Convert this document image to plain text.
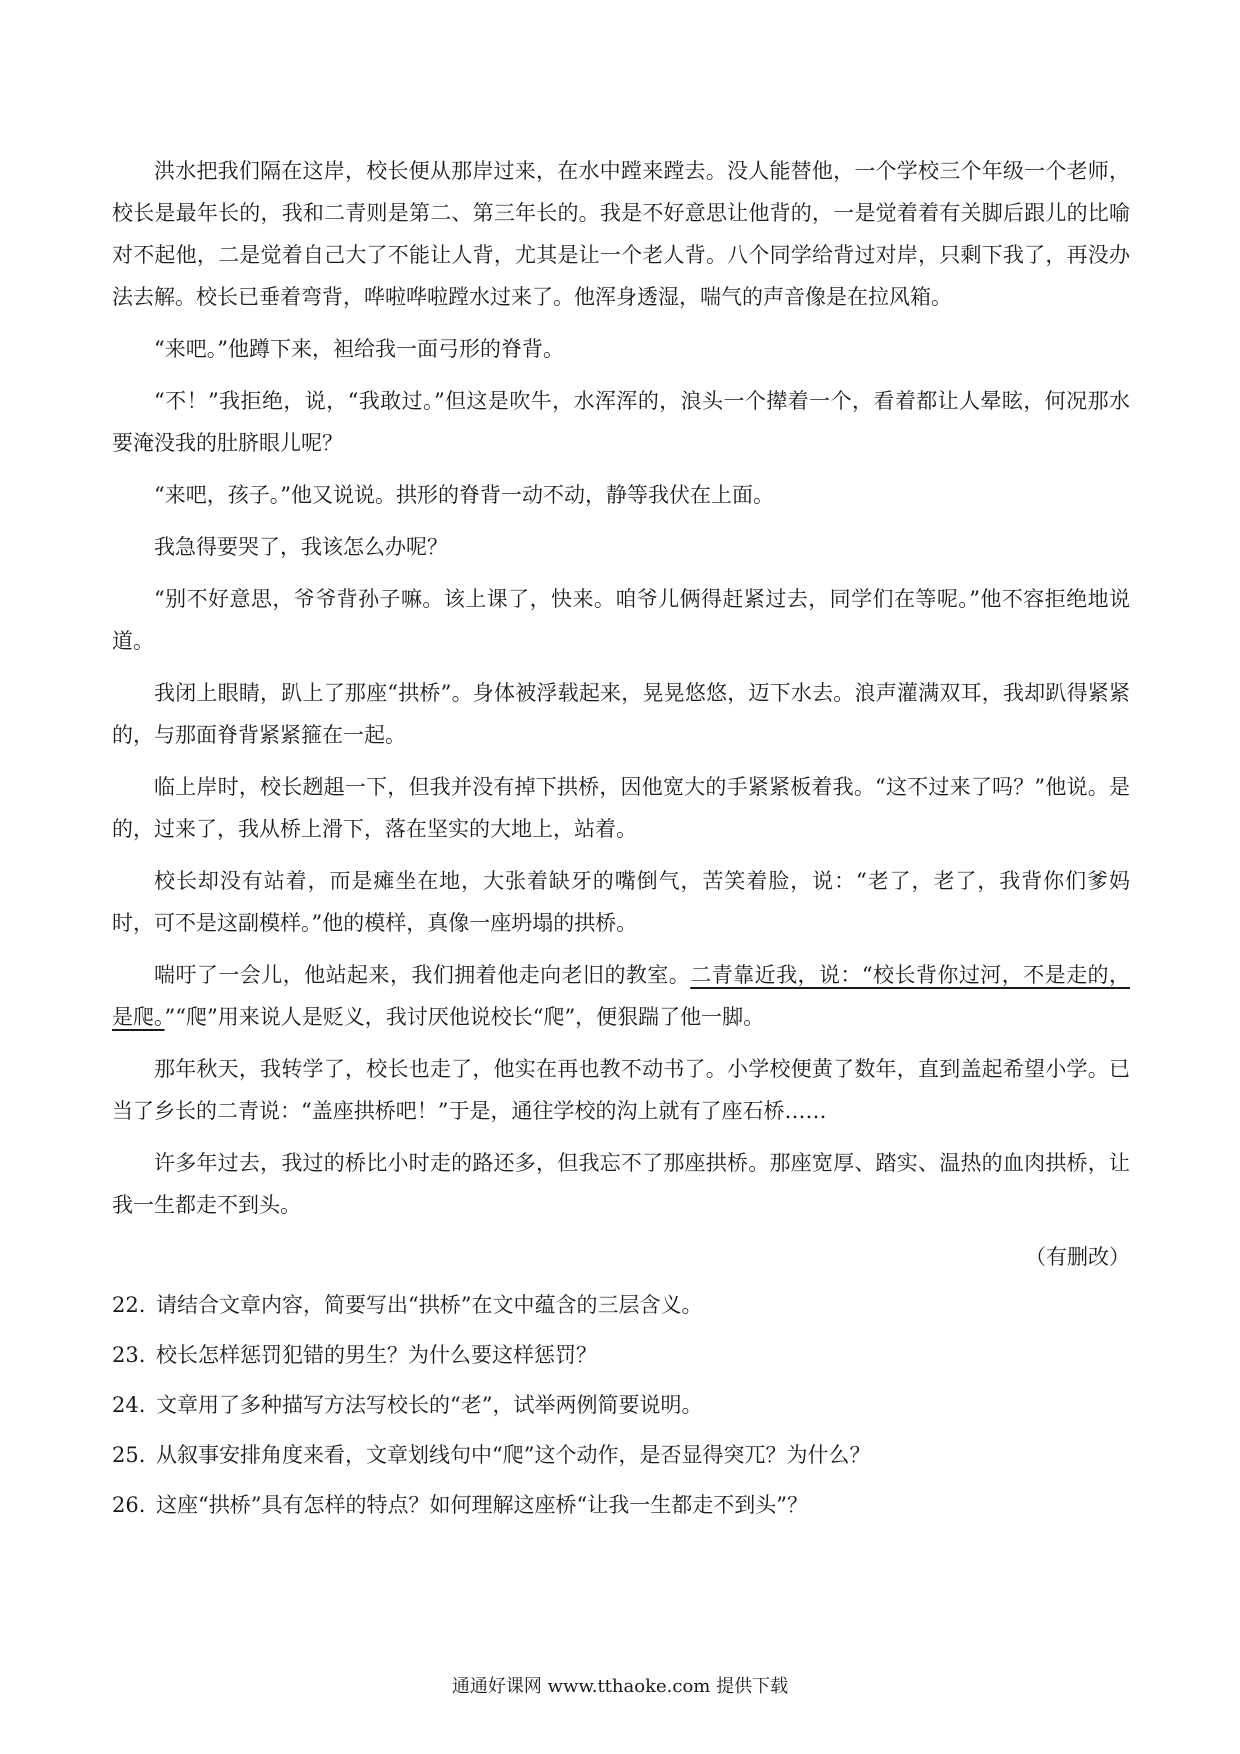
洪水把我们隔在这岸，校长便从那岸过来，在水中蹚来蹚去。没人能替他，一个学校三个年级一个老师，校长是最年长的，我和二青则是第二、第三年长的。我是不好意思让他背的，一是觉着着有关脚后跟儿的比喻对不起他，二是觉着自己大了不能让人背，尤其是让一个老人背。八个同学给背过对岸，只剩下我了，再没办法去解。校长已垂着弯背，哗啦哗啦蹚水过来了。他浑身透湿，喘气的声音像是在拉风箱。

“来吧。”他蹲下来，袒给我一面弓形的脊背。

“不！”我拒绝，说，“我敢过。”但这是吹牛，水浑浑的，浪头一个撵着一个，看着都让人晕眩，何况那水要淹没我的肚脐眼儿呢？

“来吧，孩子。”他又说说。拱形的脊背一动不动，静等我伏在上面。

我急得要哭了，我该怎么办呢？

“别不好意思，爷爷背孙子嘛。该上课了，快来。咱爷儿俩得赶紧过去，同学们在等呢。”他不容拒绝地说道。

我闭上眼睛，趴上了那座“拱桥”。身体被浮载起来，晃晃悠悠，迈下水去。浪声灌满双耳，我却趴得紧紧的，与那面脊背紧紧箍在一起。

临上岸时，校长趔趄一下，但我并没有掉下拱桥，因他宽大的手紧紧板着我。“这不过来了吗？”他说。是的，过来了，我从桥上滑下，落在坚实的大地上，站着。

校长却没有站着，而是瘫坐在地，大张着缺牙的嘴倒气，苦笑着脸，说：“老了，老了，我背你们爹妈时，可不是这副模样。”他的模样，真像一座坍塌的拱桥。

喘吁了一会儿，他站起来，我们拥着他走向老旧的教室。二青靠近我，说：“校长背你过河，不是走的，是爬。”“爬”用来说人是贬义，我讨厌他说校长“爬”，便狠踹了他一脚。

那年秋天，我转学了，校长也走了，他实在再也教不动书了。小学校便黄了数年，直到盖起希望小学。已当了乡长的二青说：“盖座拱桥吧！”于是，通往学校的沟上就有了座石桥……

许多年过去，我过的桥比小时走的路还多，但我忘不了那座拱桥。那座宽厚、踏实、温热的血肉拱桥，让我一生都走不到头。

（有删改）

22. 请结合文章内容，简要写出“拱桥”在文中蕴含的三层含义。

23. 校长怎样惩罚犯错的男生？为什么要这样惩罚？

24. 文章用了多种描写方法写校长的“老”，试举两例简要说明。

25. 从叙事安排角度来看，文章划线句中“爬”这个动作，是否显得突兀？为什么？

26. 这座“拱桥”具有怎样的特点？如何理解这座桥“让我一生都走不到头”？

通通好课网 www.tthaoke.com 提供下载
